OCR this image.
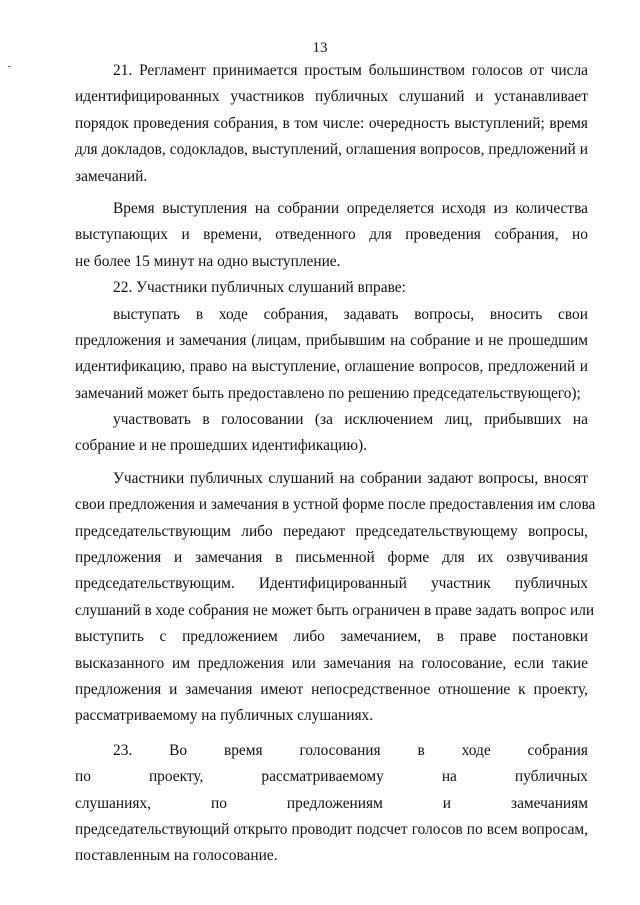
13
21. Регламент принимается простым большинством голосов от числа
идентифицированных участников публичных слушаний и устанавливает
порядок проведения собрания, в том числе: очередность выступлений; время
для докладов, содокладов, выступлений, оглашения вопросов, предложений и
замечаний.
Время выступления на собрании определяется исходя из количества
выступающих и времени, отведенного для проведения собрания, но
не более 15 минут на одно выступление.
22. Участники публичных слушаний вправе:
выступать в ходе собрания, задавать вопросы, вносить свои
предложения и замечания (лицам, прибывшим на собрание и не прошедшим
идентификацию, право на выступление, оглашение вопросов, предложений и
замечаний может быть предоставлено по решению председательствующего);
участвовать в голосовании (за исключением лиц, прибывших на
собрание и не прошедших идентификацию).
Участники публичных слушаний на собрании задают вопросы, вносят
свои предложения и замечания в устной форме после предоставления им слова
председательствующим либо передают председательствующему вопросы,
предложения и замечания в письменной форме для их озвучивания
председательствующим. Идентифицированный участник публичных
слушаний в ходе собрания не может быть ограничен в праве задать вопрос или
выступить с предложением либо замечанием, в праве постановки
высказанного им предложения или замечания на голосование, если такие
предложения и замечания имеют непосредственное отношение к проекту,
рассматриваемому на публичных слушаниях.
23. Во время голосования в ходе собрания
по проекту, рассматриваемому на публичных
слушаниях, по предложениям и замечаниям
председательствующий открыто проводит подсчет голосов по всем вопросам,
поставленным на голосование.
